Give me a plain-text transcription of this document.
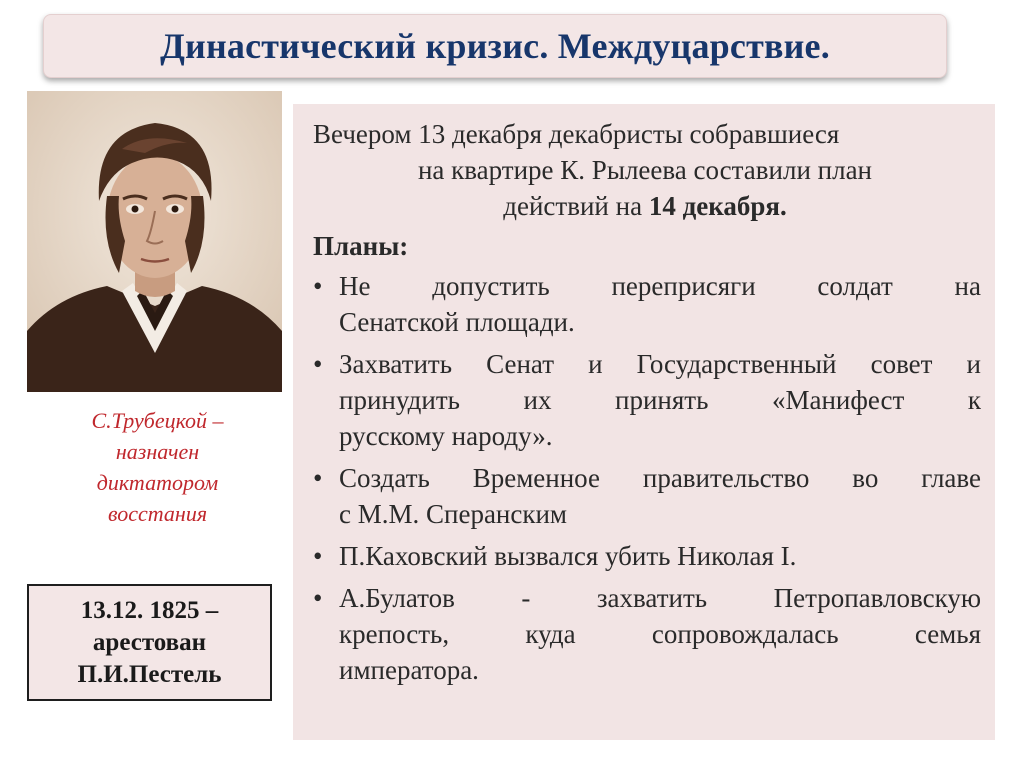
Династический кризис. Междуцарствие.
С.Трубецкой –
назначен
диктатором
восстания
13.12. 1825 –
арестован
П.И.Пестель
Вечером 13 декабря декабристы собравшиеся
на квартире К. Рылеева составили план
действий на 14 декабря.
Планы:
• Не допустить переприсяги солдат на
Сенатской площади.
• Захватить Сенат и Государственный совет и
принудить их принять «Манифест к
русскому народу».
• Создать Временное правительство во главе
с М.М. Сперанским
• П.Каховский вызвался убить Николая I.
• А.Булатов - захватить Петропавловскую
крепость, куда сопровождалась семья
императора.
